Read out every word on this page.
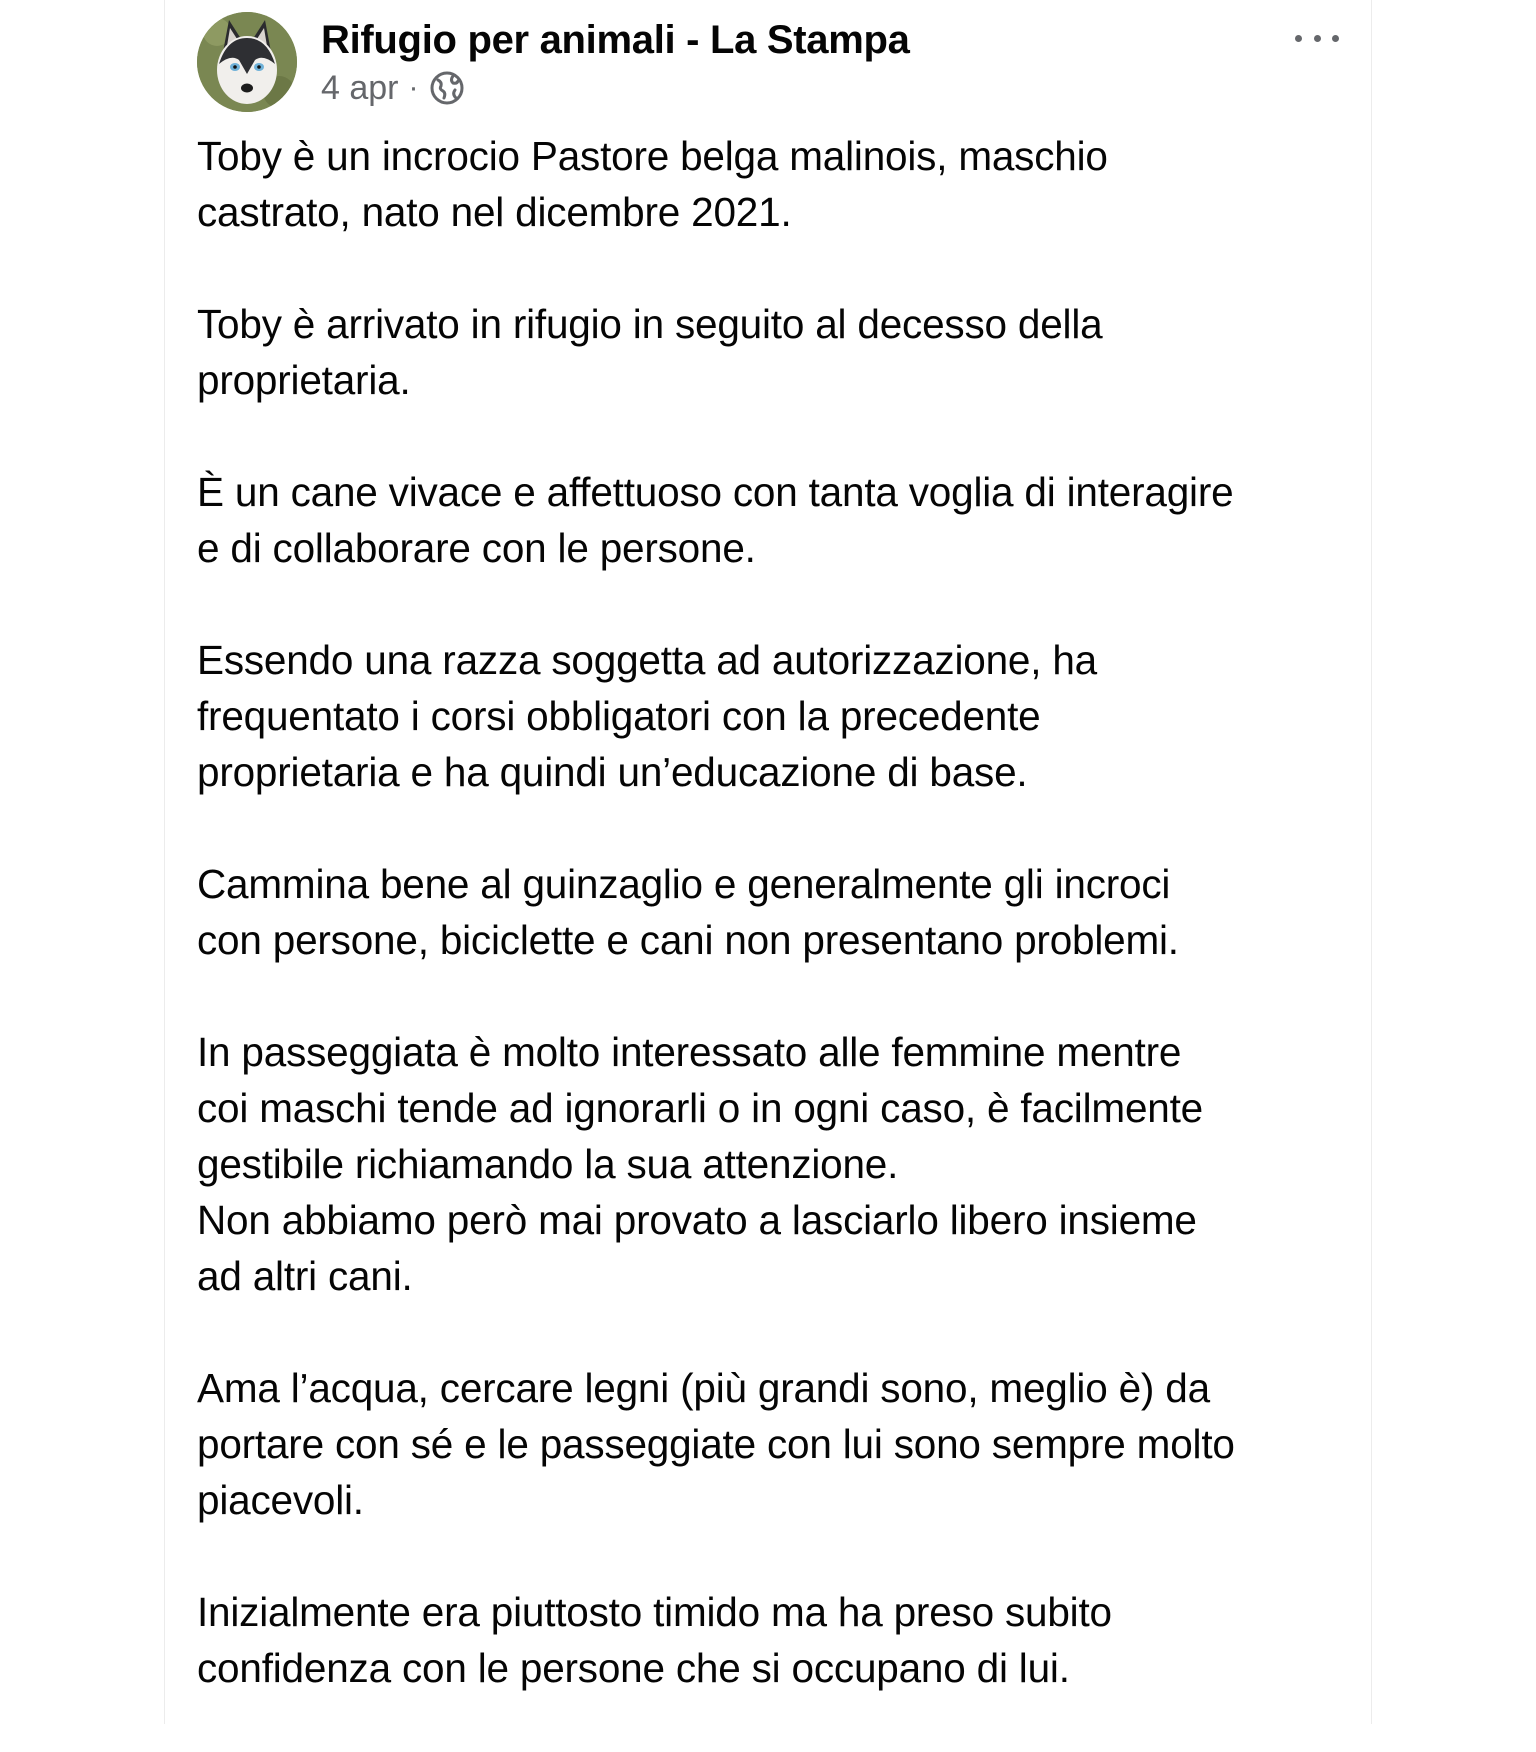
Rifugio per animali - La Stampa
4 apr ·

Toby è un incrocio Pastore belga malinois, maschio
castrato, nato nel dicembre 2021.

Toby è arrivato in rifugio in seguito al decesso della
proprietaria.

È un cane vivace e affettuoso con tanta voglia di interagire
e di collaborare con le persone.

Essendo una razza soggetta ad autorizzazione, ha
frequentato i corsi obbligatori con la precedente
proprietaria e ha quindi un’educazione di base.

Cammina bene al guinzaglio e generalmente gli incroci
con persone, biciclette e cani non presentano problemi.

In passeggiata è molto interessato alle femmine mentre
coi maschi tende ad ignorarli o in ogni caso, è facilmente
gestibile richiamando la sua attenzione.
Non abbiamo però mai provato a lasciarlo libero insieme
ad altri cani.

Ama l’acqua, cercare legni (più grandi sono, meglio è) da
portare con sé e le passeggiate con lui sono sempre molto
piacevoli.

Inizialmente era piuttosto timido ma ha preso subito
confidenza con le persone che si occupano di lui.
